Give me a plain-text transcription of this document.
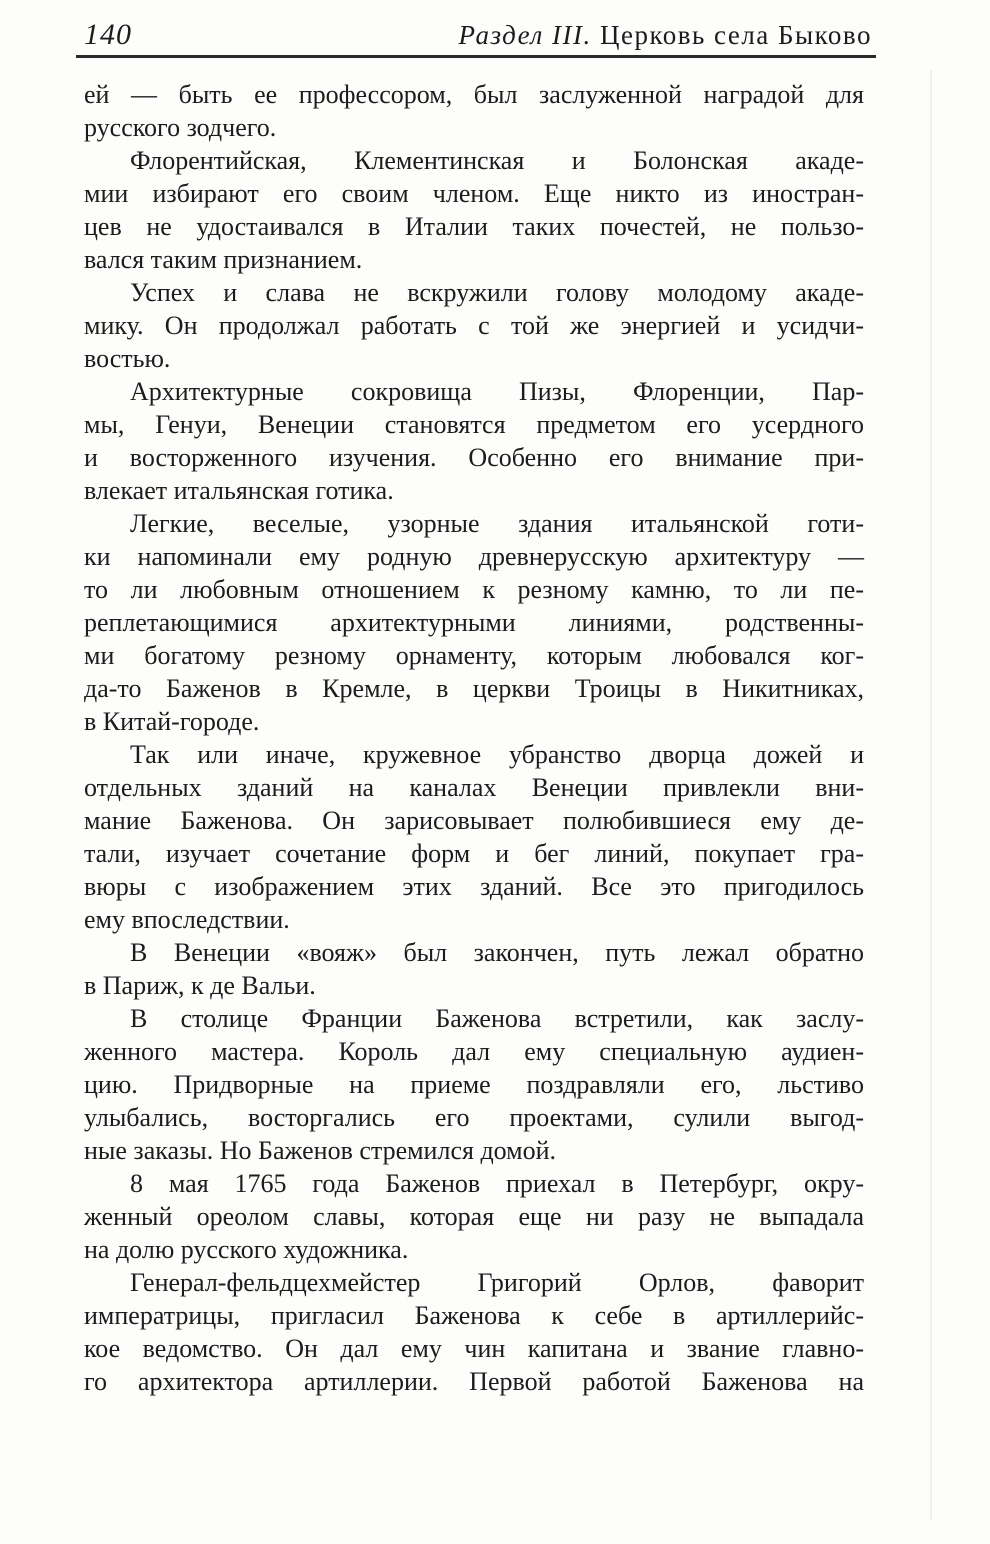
140	Раздел III. Церковь села Быково
ей — быть ее профессором, был заслуженной наградой для
русского зодчего.
Флорентийская, Клементинская и Болонская акаде-
мии избирают его своим членом. Еще никто из иностран-
цев не удостаивался в Италии таких почестей, не пользо-
вался таким признанием.
Успех и слава не вскружили голову молодому акаде-
мику. Он продолжал работать с той же энергией и усидчи-
востью.
Архитектурные сокровища Пизы, Флоренции, Пар-
мы, Генуи, Венеции становятся предметом его усердного
и восторженного изучения. Особенно его внимание при-
влекает итальянская готика.
Легкие, веселые, узорные здания итальянской готи-
ки напоминали ему родную древнерусскую архитектуру —
то ли любовным отношением к резному камню, то ли пе-
реплетающимися архитектурными линиями, родственны-
ми богатому резному орнаменту, которым любовался ког-
да-то Баженов в Кремле, в церкви Троицы в Никитниках,
в Китай-городе.
Так или иначе, кружевное убранство дворца дожей и
отдельных зданий на каналах Венеции привлекли вни-
мание Баженова. Он зарисовывает полюбившиеся ему де-
тали, изучает сочетание форм и бег линий, покупает гра-
вюры с изображением этих зданий. Все это пригодилось
ему впоследствии.
В Венеции «вояж» был закончен, путь лежал обратно
в Париж, к де Вальи.
В столице Франции Баженова встретили, как заслу-
женного мастера. Король дал ему специальную аудиен-
цию. Придворные на приеме поздравляли его, льстиво
улыбались, восторгались его проектами, сулили выгод-
ные заказы. Но Баженов стремился домой.
8 мая 1765 года Баженов приехал в Петербург, окру-
женный ореолом славы, которая еще ни разу не выпадала
на долю русского художника.
Генерал-фельдцехмейстер Григорий Орлов, фаворит
императрицы, пригласил Баженова к себе в артиллерийс-
кое ведомство. Он дал ему чин капитана и звание главно-
го архитектора артиллерии. Первой работой Баженова на
